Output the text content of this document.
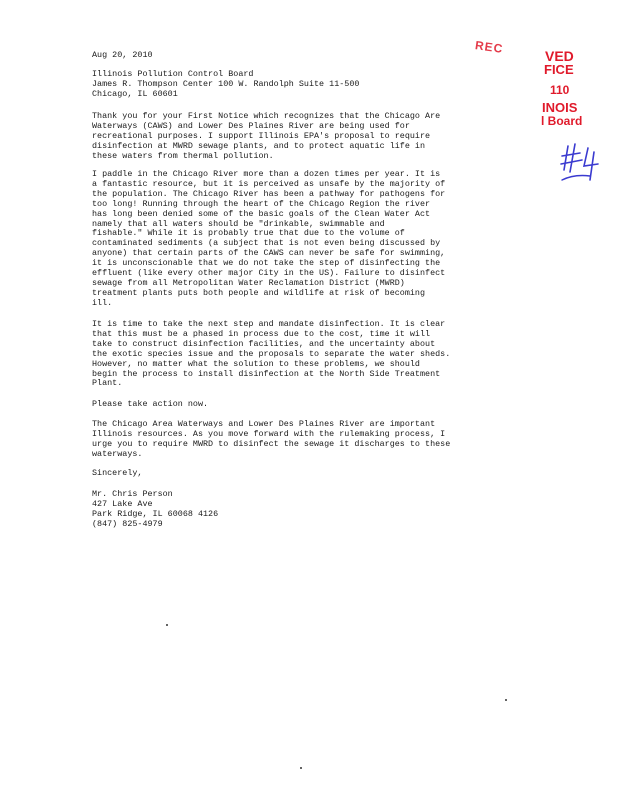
Aug 20, 2010
Illinois Pollution Control Board
James R. Thompson Center 100 W. Randolph Suite 11-500
Chicago, IL 60601
Thank you for your First Notice which recognizes that the Chicago Are
Waterways (CAWS) and Lower Des Plaines River are being used for
recreational purposes. I support Illinois EPA's proposal to require
disinfection at MWRD sewage plants, and to protect aquatic life in
these waters from thermal pollution.
I paddle in the Chicago River more than a dozen times per year. It is
a fantastic resource, but it is perceived as unsafe by the majority of
the population. The Chicago River has been a pathway for pathogens for
too long! Running through the heart of the Chicago Region the river
has long been denied some of the basic goals of the Clean Water Act
namely that all waters should be "drinkable, swimmable and
fishable." While it is probably true that due to the volume of
contaminated sediments (a subject that is not even being discussed by
anyone) that certain parts of the CAWS can never be safe for swimming,
it is unconscionable that we do not take the step of disinfecting the
effluent (like every other major City in the US). Failure to disinfect
sewage from all Metropolitan Water Reclamation District (MWRD)
treatment plants puts both people and wildlife at risk of becoming
ill.
It is time to take the next step and mandate disinfection. It is clear
that this must be a phased in process due to the cost, time it will
take to construct disinfection facilities, and the uncertainty about
the exotic species issue and the proposals to separate the water sheds.
However, no matter what the solution to these problems, we should
begin the process to install disinfection at the North Side Treatment
Plant.
Please take action now.
The Chicago Area Waterways and Lower Des Plaines River are important
Illinois resources. As you move forward with the rulemaking process, I
urge you to require MWRD to disinfect the sewage it discharges to these
waterways.
Sincerely,
Mr. Chris Person
427 Lake Ave
Park Ridge, IL 60068 4126
(847) 825-4979
REC
VED
FICE
110
INOIS
l Board
